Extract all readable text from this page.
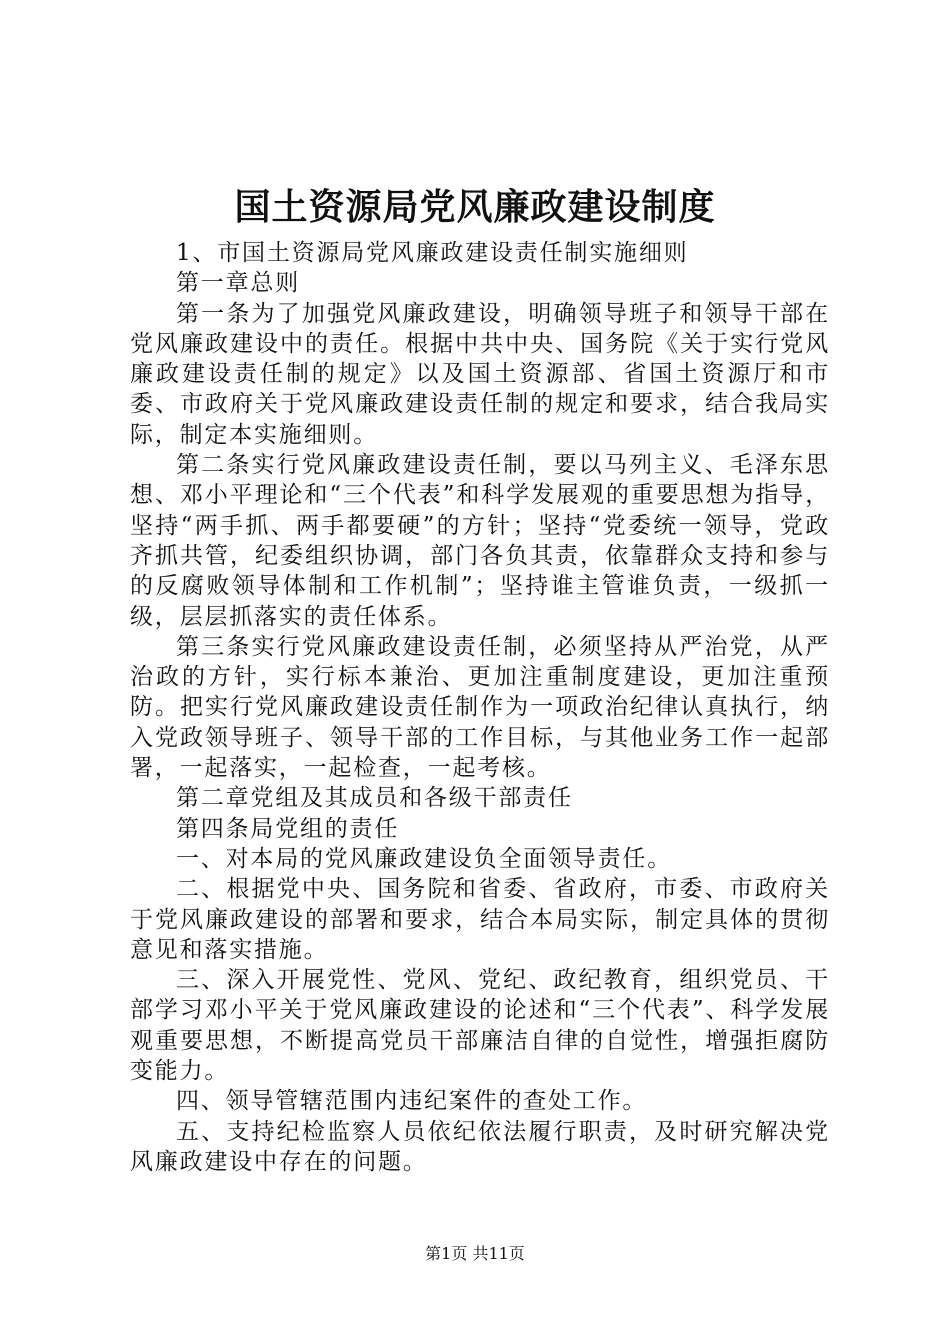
国土资源局党风廉政建设制度

1、市国土资源局党风廉政建设责任制实施细则

第一章总则

第一条为了加强党风廉政建设，明确领导班子和领导干部在党风廉政建设中的责任。根据中共中央、国务院《关于实行党风廉政建设责任制的规定》以及国土资源部、省国土资源厅和市委、市政府关于党风廉政建设责任制的规定和要求，结合我局实际，制定本实施细则。

第二条实行党风廉政建设责任制，要以马列主义、毛泽东思想、邓小平理论和“三个代表”和科学发展观的重要思想为指导，坚持“两手抓、两手都要硬”的方针；坚持“党委统一领导，党政齐抓共管，纪委组织协调，部门各负其责，依靠群众支持和参与的反腐败领导体制和工作机制”；坚持谁主管谁负责，一级抓一级，层层抓落实的责任体系。

第三条实行党风廉政建设责任制，必须坚持从严治党，从严治政的方针，实行标本兼治、更加注重制度建设，更加注重预防。把实行党风廉政建设责任制作为一项政治纪律认真执行，纳入党政领导班子、领导干部的工作目标，与其他业务工作一起部署，一起落实，一起检查，一起考核。

第二章党组及其成员和各级干部责任

第四条局党组的责任

一、对本局的党风廉政建设负全面领导责任。

二、根据党中央、国务院和省委、省政府，市委、市政府关于党风廉政建设的部署和要求，结合本局实际，制定具体的贯彻意见和落实措施。

三、深入开展党性、党风、党纪、政纪教育，组织党员、干部学习邓小平关于党风廉政建设的论述和“三个代表”、科学发展观重要思想，不断提高党员干部廉洁自律的自觉性，增强拒腐防变能力。

四、领导管辖范围内违纪案件的查处工作。

五、支持纪检监察人员依纪依法履行职责，及时研究解决党风廉政建设中存在的问题。

第1页 共11页
